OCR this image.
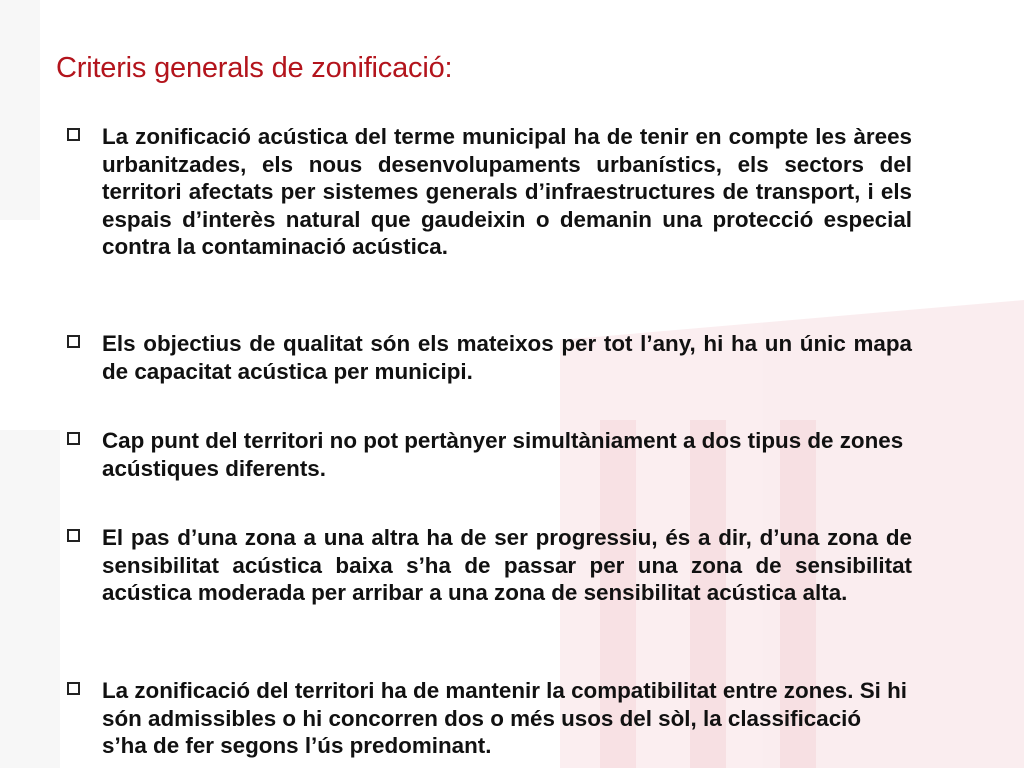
Criteris generals de zonificació:
La zonificació acústica del terme municipal ha de tenir en compte les àrees urbanitzades, els nous desenvolupaments urbanístics, els sectors del territori afectats per sistemes generals d’infraestructures de transport, i els espais d’interès natural que gaudeixin o demanin una protecció especial contra la contaminació acústica.
Els objectius de qualitat són els mateixos per tot l’any, hi ha un únic mapa de capacitat acústica per municipi.
Cap punt del territori no pot pertànyer simultàniament a dos tipus de zones acústiques diferents.
El pas d’una zona a una altra ha de ser progressiu, és a dir, d’una zona de sensibilitat acústica baixa s’ha de passar per una zona de sensibilitat acústica moderada per arribar a una zona de sensibilitat acústica alta.
La zonificació del territori ha de mantenir la compatibilitat entre zones. Si hi són admissibles o hi concorren dos o més usos del sòl, la classificació s’ha de fer segons l’ús predominant.
